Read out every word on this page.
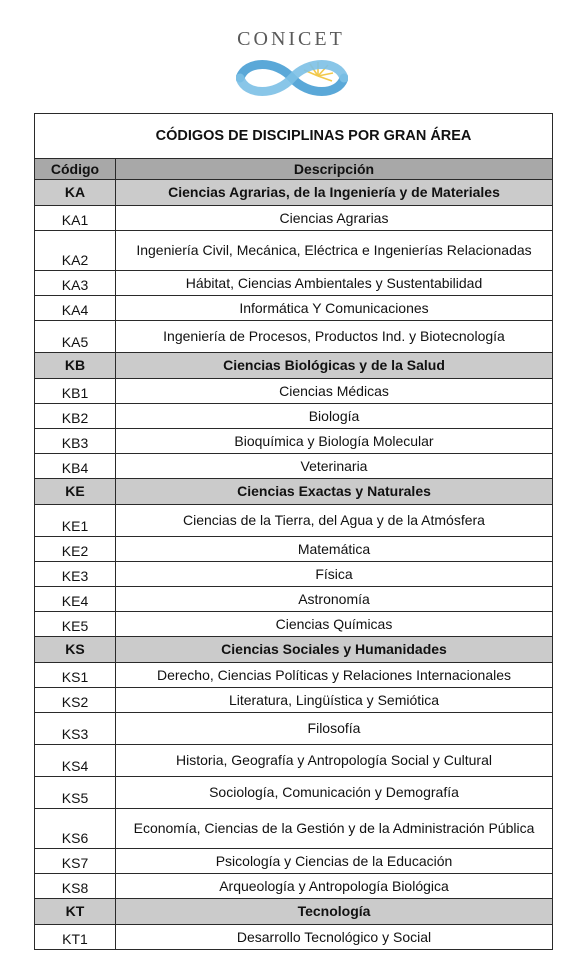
CONICET
CÓDIGOS DE DISCIPLINAS POR GRAN ÁREA	
Código	Descripción
KA	Ciencias Agrarias, de la Ingeniería y de Materiales
KA1	Ciencias Agrarias
KA2	Ingeniería Civil, Mecánica, Eléctrica e Ingenierías Relacionadas
KA3	Hábitat, Ciencias Ambientales y Sustentabilidad
KA4	Informática Y Comunicaciones
KA5	Ingeniería de Procesos, Productos Ind. y Biotecnología
KB	Ciencias Biológicas y de la Salud
KB1	Ciencias Médicas
KB2	Biología
KB3	Bioquímica y Biología Molecular
KB4	Veterinaria
KE	Ciencias Exactas y Naturales
KE1	Ciencias de la Tierra, del Agua y de la Atmósfera
KE2	Matemática
KE3	Física
KE4	Astronomía
KE5	Ciencias Químicas
KS	Ciencias Sociales y Humanidades
KS1	Derecho, Ciencias Políticas y Relaciones Internacionales
KS2	Literatura, Lingüística y Semiótica
KS3	Filosofía
KS4	Historia, Geografía y Antropología Social y Cultural
KS5	Sociología, Comunicación y Demografía
KS6	Economía, Ciencias de la Gestión y de la Administración Pública
KS7	Psicología y Ciencias de la Educación
KS8	Arqueología y Antropología Biológica
KT	Tecnología
KT1	Desarrollo Tecnológico y Social
